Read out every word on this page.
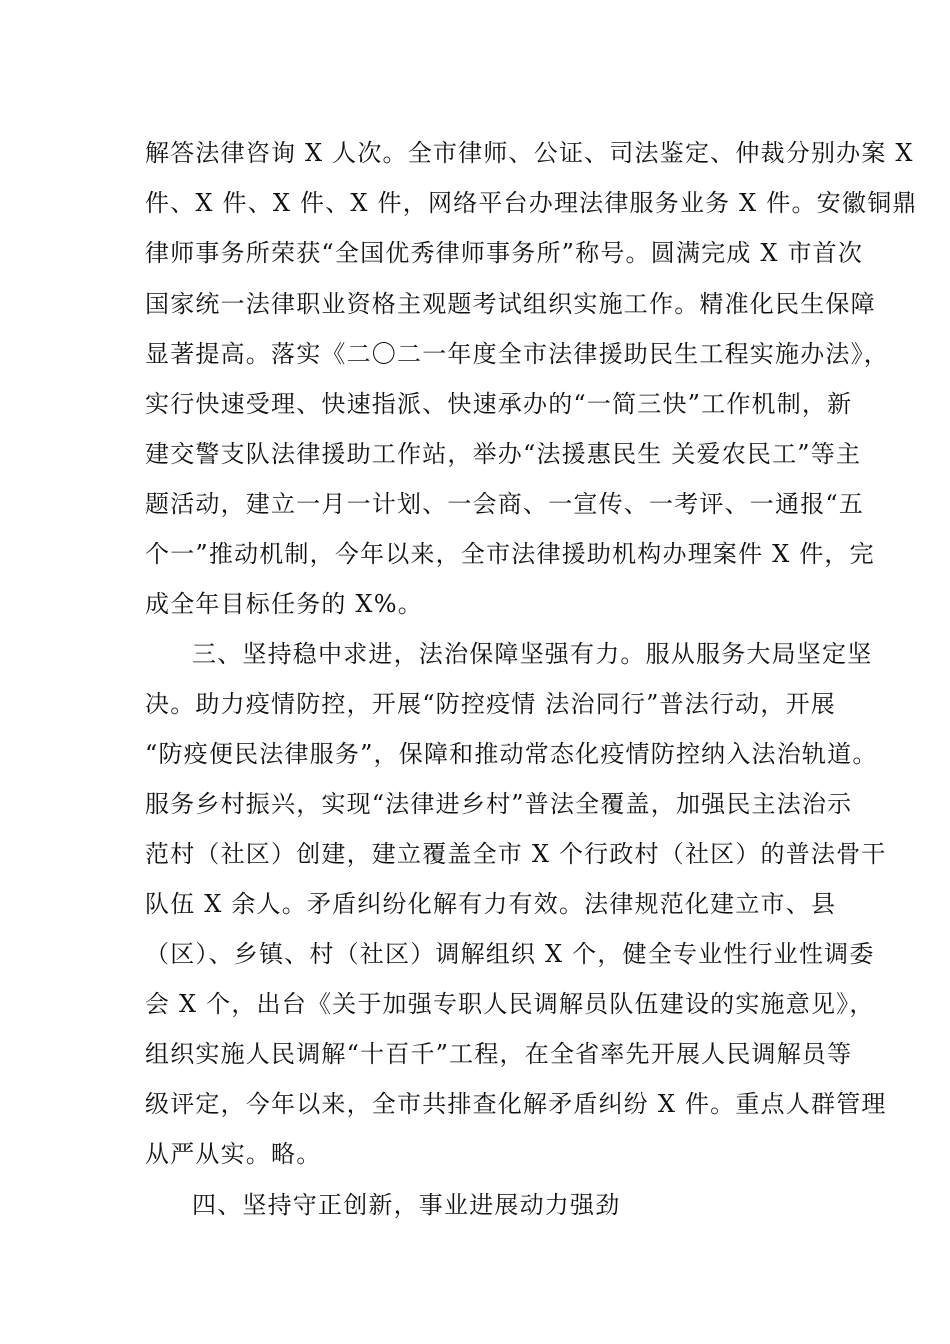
解答法律咨询 X 人次。全市律师、公证、司法鉴定、仲裁分别办案 X
件、X 件、X 件、X 件，网络平台办理法律服务业务 X 件。安徽铜鼎
律师事务所荣获“全国优秀律师事务所”称号。圆满完成 X 市首次
国家统一法律职业资格主观题考试组织实施工作。精准化民生保障
显著提高。落实《二〇二一年度全市法律援助民生工程实施办法》，
实行快速受理、快速指派、快速承办的“一简三快”工作机制，新
建交警支队法律援助工作站，举办“法援惠民生 关爱农民工”等主
题活动，建立一月一计划、一会商、一宣传、一考评、一通报“五
个一”推动机制，今年以来，全市法律援助机构办理案件 X 件，完
成全年目标任务的 X%。
三、坚持稳中求进，法治保障坚强有力。服从服务大局坚定坚
决。助力疫情防控，开展“防控疫情 法治同行”普法行动，开展
“防疫便民法律服务”，保障和推动常态化疫情防控纳入法治轨道。
服务乡村振兴，实现“法律进乡村”普法全覆盖，加强民主法治示
范村（社区）创建，建立覆盖全市 X 个行政村（社区）的普法骨干
队伍 X 余人。矛盾纠纷化解有力有效。法律规范化建立市、县
（区）、乡镇、村（社区）调解组织 X 个，健全专业性行业性调委
会 X 个，出台《关于加强专职人民调解员队伍建设的实施意见》，
组织实施人民调解“十百千”工程，在全省率先开展人民调解员等
级评定，今年以来，全市共排查化解矛盾纠纷 X 件。重点人群管理
从严从实。略。
四、坚持守正创新，事业进展动力强劲
